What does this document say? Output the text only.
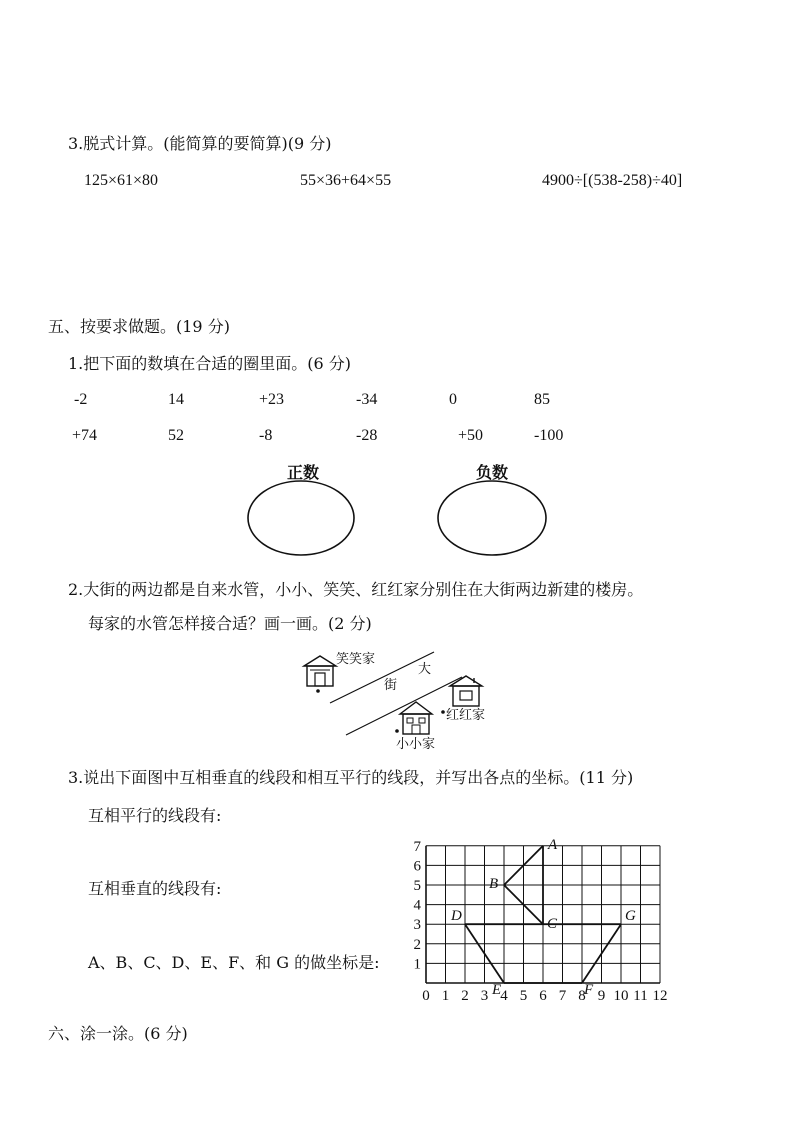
3.脱式计算。(能简算的要简算)(9 分)
125×61×80	55×36+64×55	4900÷[(538-258)÷40]
五、按要求做题。(19 分)
1.把下面的数填在合适的圈里面。(6 分)
-2	14	+23	-34	0	85
+74	52	-8	-28	+50	-100
正数	负数
2.大街的两边都是自来水管，小小、笑笑、红红家分别住在大街两边新建的楼房。
每家的水管怎样接合适？画一画。(2 分)
笑笑家
大
街
红红家
小小家
3.说出下面图中互相垂直的线段和相互平行的线段，并写出各点的坐标。(11 分)
互相平行的线段有:
互相垂直的线段有:
A、B、C、D、E、F、和 G 的做坐标是:
0 1 2 3 4 5 6 7 8 9 10 11 12
1
2
3
4
5
6
7	A
B
C
D
E	F
G
六、涂一涂。(6 分)
